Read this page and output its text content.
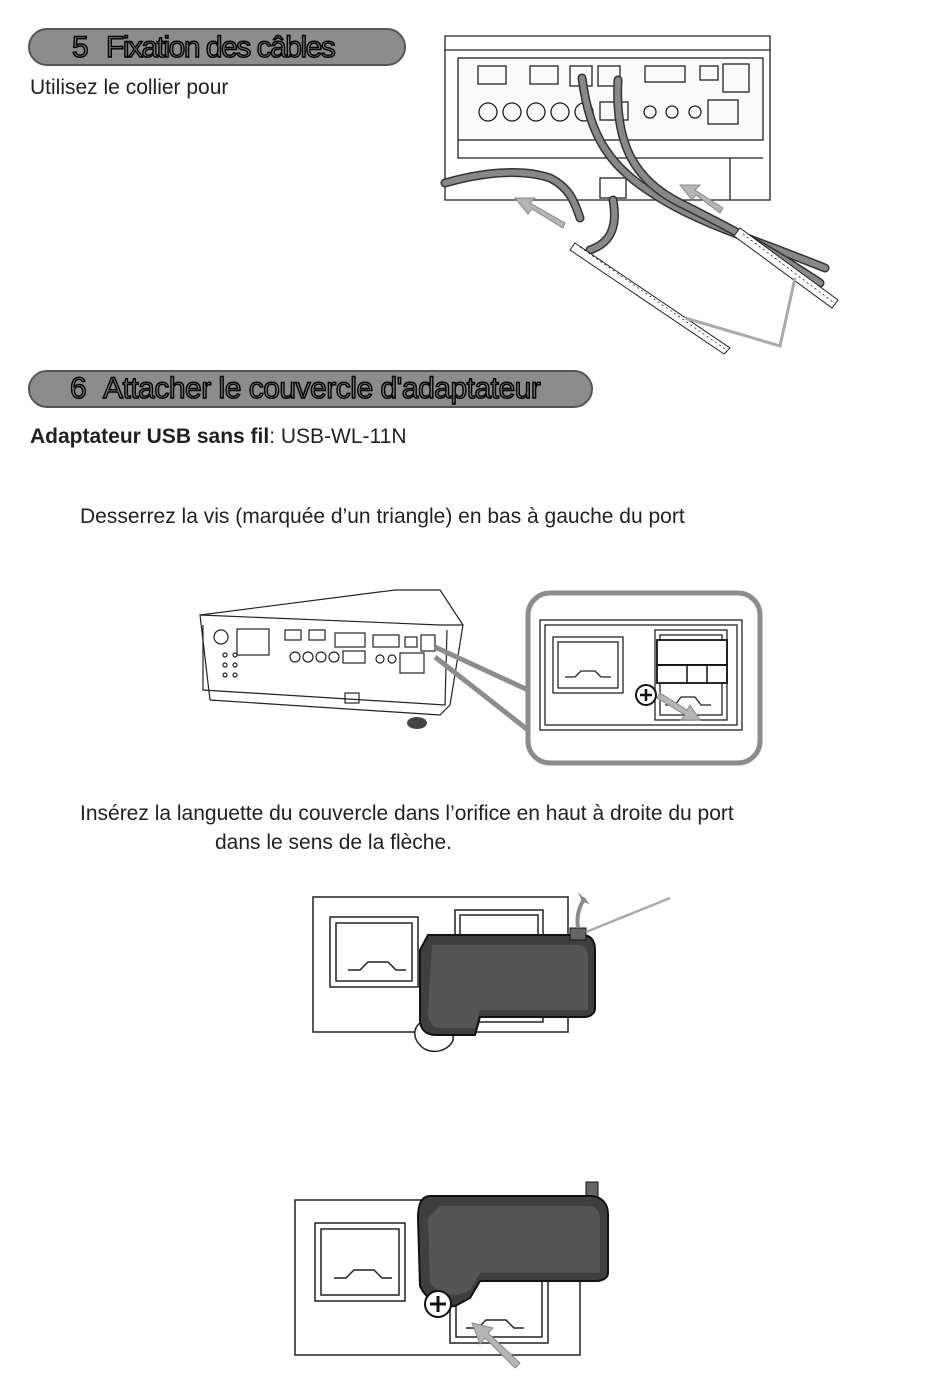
5 Fixation des câbles
Utilisez le collier pour
6 Attacher le couvercle d'adaptateur
Adaptateur USB sans fil: USB-WL-11N
Desserrez la vis (marquée d’un triangle) en bas à gauche du port
Insérez la languette du couvercle dans l’orifice en haut à droite du port
dans le sens de la flèche.
